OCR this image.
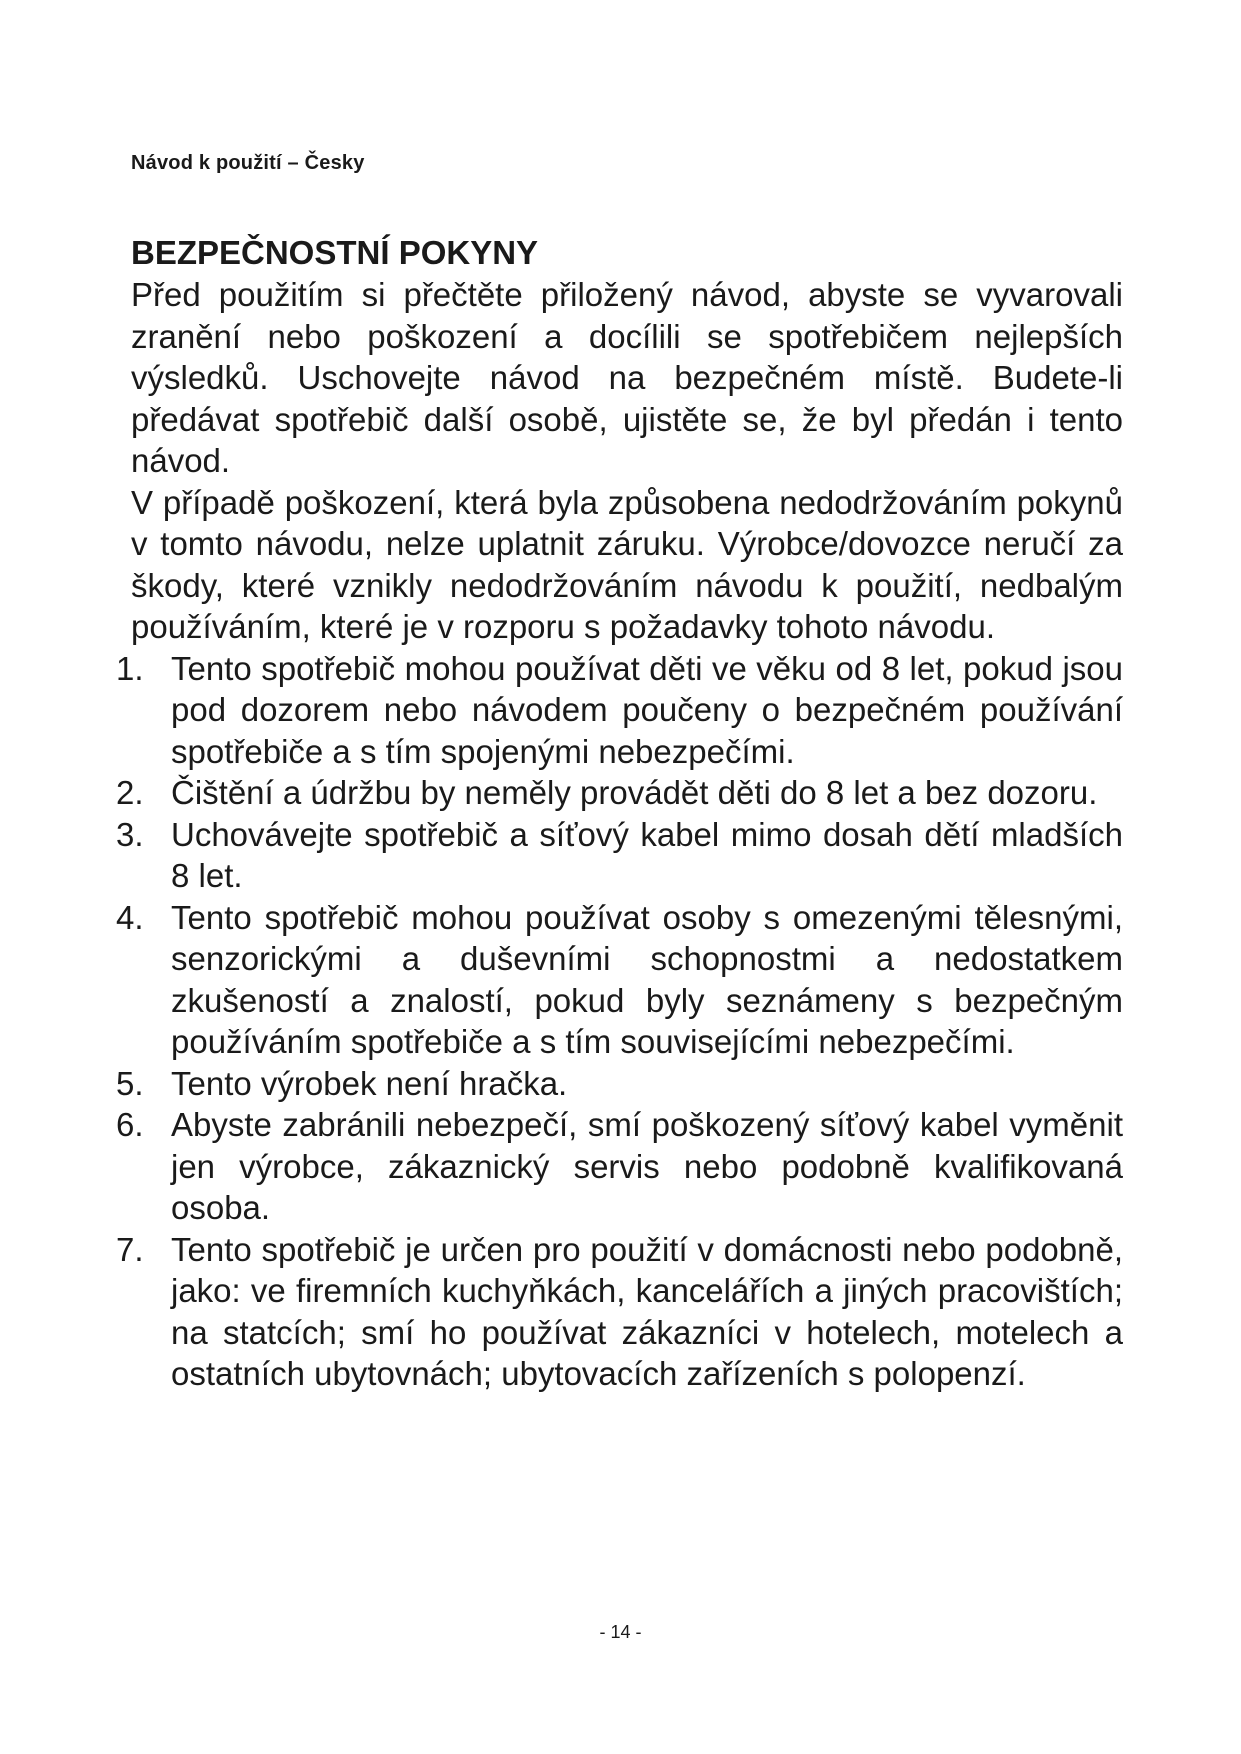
Návod k použití – Česky
BEZPEČNOSTNÍ POKYNY

Před použitím si přečtěte přiložený návod, abyste se vyvarovali zranění nebo poškození a docílili se spotřebičem nejlepších výsledků. Uschovejte návod na bezpečném místě. Budete-li předávat spotřebič další osobě, ujistěte se, že byl předán i tento návod.

V případě poškození, která byla způsobena nedodržováním pokynů v tomto návodu, nelze uplatnit záruku. Výrobce/dovozce neručí za škody, které vznikly nedodržováním návodu k použití, nedbalým používáním, které je v rozporu s požadavky tohoto návodu.

1. Tento spotřebič mohou používat děti ve věku od 8 let, pokud jsou pod dozorem nebo návodem poučeny o bezpečném používání spotřebiče a s tím spojenými nebezpečími.
2. Čištění a údržbu by neměly provádět děti do 8 let a bez dozoru.
3. Uchovávejte spotřebič a síťový kabel mimo dosah dětí mladších 8 let.
4. Tento spotřebič mohou používat osoby s omezenými tělesnými, senzorickými a duševními schopnostmi a nedostatkem zkušeností a znalostí, pokud byly seznámeny s bezpečným používáním spotřebiče a s tím souvisejícími nebezpečími.
5. Tento výrobek není hračka.
6. Abyste zabránili nebezpečí, smí poškozený síťový kabel vyměnit jen výrobce, zákaznický servis nebo podobně kvalifikovaná osoba.
7. Tento spotřebič je určen pro použití v domácnosti nebo podobně, jako: ve firemních kuchyňkách, kancelářích a jiných pracovištích; na statcích; smí ho používat zákazníci v hotelech, motelech a ostatních ubytovnách; ubytovacích zařízeních s polopenzí.
- 14 -
